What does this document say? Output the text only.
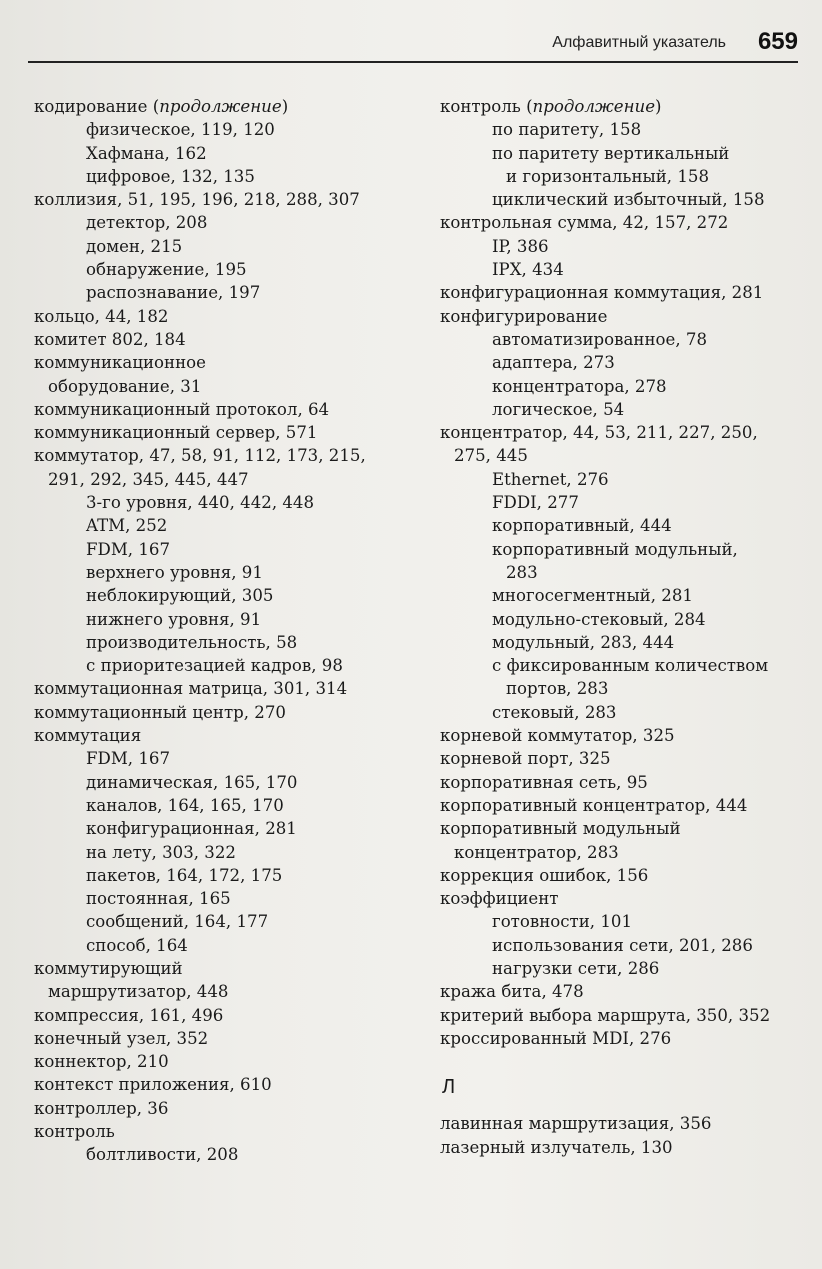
Алфавитный указатель 659
кодирование (продолжение)
физическое, 119, 120
Хафмана, 162
цифровое, 132, 135
коллизия, 51, 195, 196, 218, 288, 307
детектор, 208
домен, 215
обнаружение, 195
распознавание, 197
кольцо, 44, 182
комитет 802, 184
коммуникационное
оборудование, 31
коммуникационный протокол, 64
коммуникационный сервер, 571
коммутатор, 47, 58, 91, 112, 173, 215,
291, 292, 345, 445, 447
3-го уровня, 440, 442, 448
ATM, 252
FDM, 167
верхнего уровня, 91
неблокирующий, 305
нижнего уровня, 91
производительность, 58
с приоритезацией кадров, 98
коммутационная матрица, 301, 314
коммутационный центр, 270
коммутация
FDM, 167
динамическая, 165, 170
каналов, 164, 165, 170
конфигурационная, 281
на лету, 303, 322
пакетов, 164, 172, 175
постоянная, 165
сообщений, 164, 177
способ, 164
коммутирующий
маршрутизатор, 448
компрессия, 161, 496
конечный узел, 352
коннектор, 210
контекст приложения, 610
контроллер, 36
контроль
болтливости, 208
контроль (продолжение)
по паритету, 158
по паритету вертикальный
и горизонтальный, 158
циклический избыточный, 158
контрольная сумма, 42, 157, 272
IP, 386
IPX, 434
конфигурационная коммутация, 281
конфигурирование
автоматизированное, 78
адаптера, 273
концентратора, 278
логическое, 54
концентратор, 44, 53, 211, 227, 250,
275, 445
Ethernet, 276
FDDI, 277
корпоративный, 444
корпоративный модульный,
283
многосегментный, 281
модульно-стековый, 284
модульный, 283, 444
с фиксированным количеством
портов, 283
стековый, 283
корневой коммутатор, 325
корневой порт, 325
корпоративная сеть, 95
корпоративный концентратор, 444
корпоративный модульный
концентратор, 283
коррекция ошибок, 156
коэффициент
готовности, 101
использования сети, 201, 286
нагрузки сети, 286
кража бита, 478
критерий выбора маршрута, 350, 352
кроссированный MDI, 276
Л
лавинная маршрутизация, 356
лазерный излучатель, 130
